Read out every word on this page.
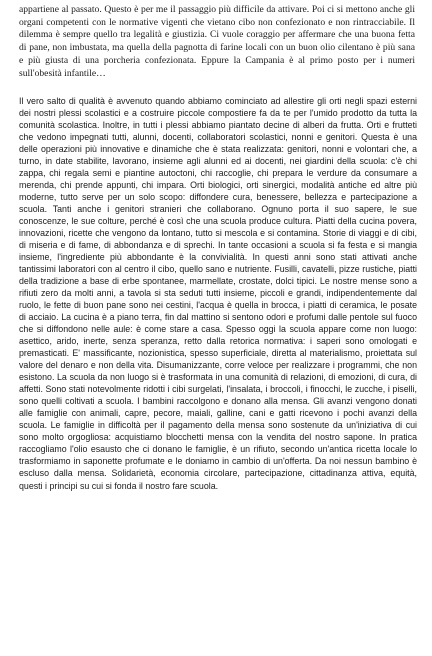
appartiene al passato. Questo è per me il passaggio più difficile da attivare. Poi ci si mettono anche gli organi competenti con le normative vigenti che vietano cibo non confezionato e non rintracciabile. Il dilemma è sempre quello tra legalità e giustizia. Ci vuole coraggio per affermare che una buona fetta di pane, non imbustata, ma quella della pagnotta di farine locali con un buon olio cilentano è più sana e più giusta di una porcheria confezionata. Eppure la Campania è al primo posto per i numeri sull'obesità infantile…

Il vero salto di qualità è avvenuto quando abbiamo cominciato ad allestire gli orti negli spazi esterni dei nostri plessi scolastici e a costruire piccole compostiere fa da te per l'umido prodotto da tutta la comunità scolastica. Inoltre, in tutti i plessi abbiamo piantato decine di alberi da frutta. Orti e frutteti che vedono impegnati tutti, alunni, docenti, collaboratori scolastici, nonni e genitori. Questa è una delle operazioni più innovative e dinamiche che è stata realizzata: genitori, nonni e volontari che, a turno, in date stabilite, lavorano, insieme agli alunni ed ai docenti, nei giardini della scuola: c'è chi zappa, chi regala semi e piantine autoctoni, chi raccoglie, chi prepara le verdure da consumare a merenda, chi prende appunti, chi impara. Orti biologici, orti sinergici, modalità antiche ed altre più moderne, tutto serve per un solo scopo: diffondere cura, benessere, bellezza e partecipazione a scuola. Tanti anche i genitori stranieri che collaborano. Ognuno porta il suo sapere, le sue conoscenze, le sue colture, perché è così che una scuola produce cultura. Piatti della cucina povera, innovazioni, ricette che vengono da lontano, tutto si mescola e si contamina. Storie di viaggi e di cibi, di miseria e di fame, di abbondanza e di sprechi. In tante occasioni a scuola si fa festa e si mangia insieme, l'ingrediente più abbondante è la convivialità. In questi anni sono stati attivati anche tantissimi laboratori con al centro il cibo, quello sano e nutriente. Fusilli, cavatelli, pizze rustiche, piatti della tradizione a base di erbe spontanee, marmellate, crostate, dolci tipici. Le nostre mense sono a rifiuti zero da molti anni, a tavola si sta seduti tutti insieme, piccoli e grandi, indipendentemente dal ruolo, le fette di buon pane sono nei cestini, l'acqua è quella in brocca, i piatti di ceramica, le posate di acciaio. La cucina è a piano terra, fin dal mattino si sentono odori e profumi dalle pentole sul fuoco che si diffondono nelle aule: è come stare a casa. Spesso oggi la scuola appare come non luogo: asettico, arido, inerte, senza speranza, retto dalla retorica normativa: i saperi sono omologati e premasticati. E' massificante, nozionistica, spesso superficiale, diretta al materialismo, proiettata sul valore del denaro e non della vita. Disumanizzante, corre veloce per realizzare i programmi, che non esistono. La scuola da non luogo si è trasformata in una comunità di relazioni, di emozioni, di cura, di affetti. Sono stati notevolmente ridotti i cibi surgelati, l'insalata, i broccoli, i finocchi, le zucche, i piselli, sono quelli coltivati a scuola. I bambini raccolgono e donano alla mensa. Gli avanzi vengono donati alle famiglie con animali, capre, pecore, maiali, galline, cani e gatti ricevono i pochi avanzi della scuola. Le famiglie in difficoltà per il pagamento della mensa sono sostenute da un'iniziativa di cui sono molto orgogliosa: acquistiamo blocchetti mensa con la vendita del nostro sapone. In pratica raccogliamo l'olio esausto che ci donano le famiglie, è un rifiuto, secondo un'antica ricetta locale lo trasformiamo in saponette profumate e le doniamo in cambio di un'offerta. Da noi nessun bambino è escluso dalla mensa. Solidarietà, economia circolare, partecipazione, cittadinanza attiva, equità, questi i principi su cui si fonda il nostro fare scuola.
